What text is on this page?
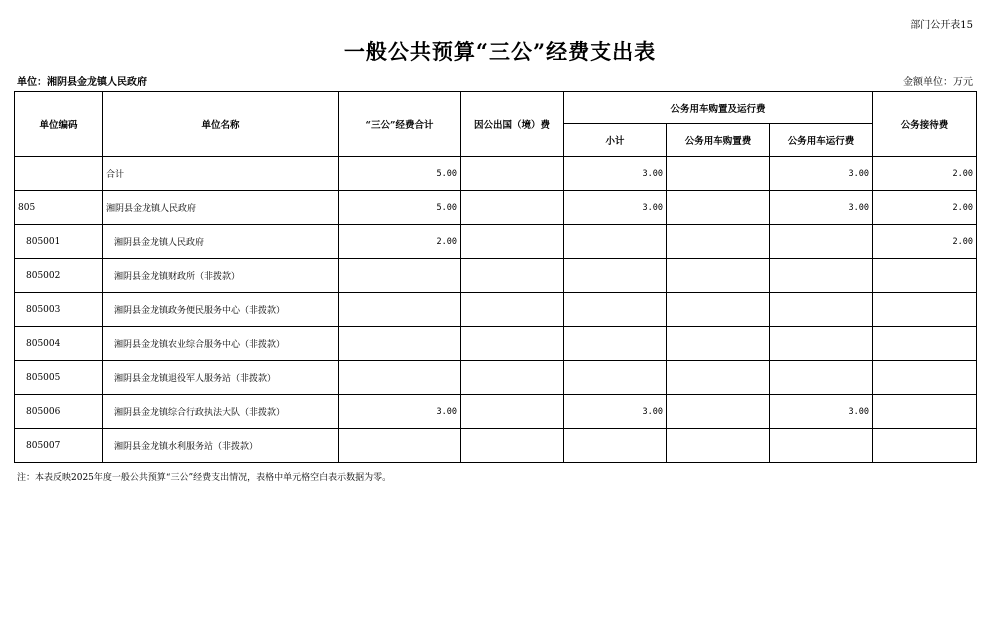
部门公开表15
一般公共预算“三公”经费支出表
单位：湘阴县金龙镇人民政府	金额单位：万元
单位编码	单位名称	“三公”经费合计	因公出国（境）费	公务用车购置及运行费			公务接待费
				小计	公务用车购置费	公务用车运行费	
	合计	5.00		3.00		3.00	2.00
805	湘阴县金龙镇人民政府	5.00		3.00		3.00	2.00
805001	湘阴县金龙镇人民政府	2.00					2.00
805002	湘阴县金龙镇财政所（非拨款）						
805003	湘阴县金龙镇政务便民服务中心（非拨款）						
805004	湘阴县金龙镇农业综合服务中心（非拨款）						
805005	湘阴县金龙镇退役军人服务站（非拨款）						
805006	湘阴县金龙镇综合行政执法大队（非拨款）	3.00		3.00		3.00	
805007	湘阴县金龙镇水利服务站（非拨款）						
注：本表反映2025年度一般公共预算“三公”经费支出情况，表格中单元格空白表示数据为零。
